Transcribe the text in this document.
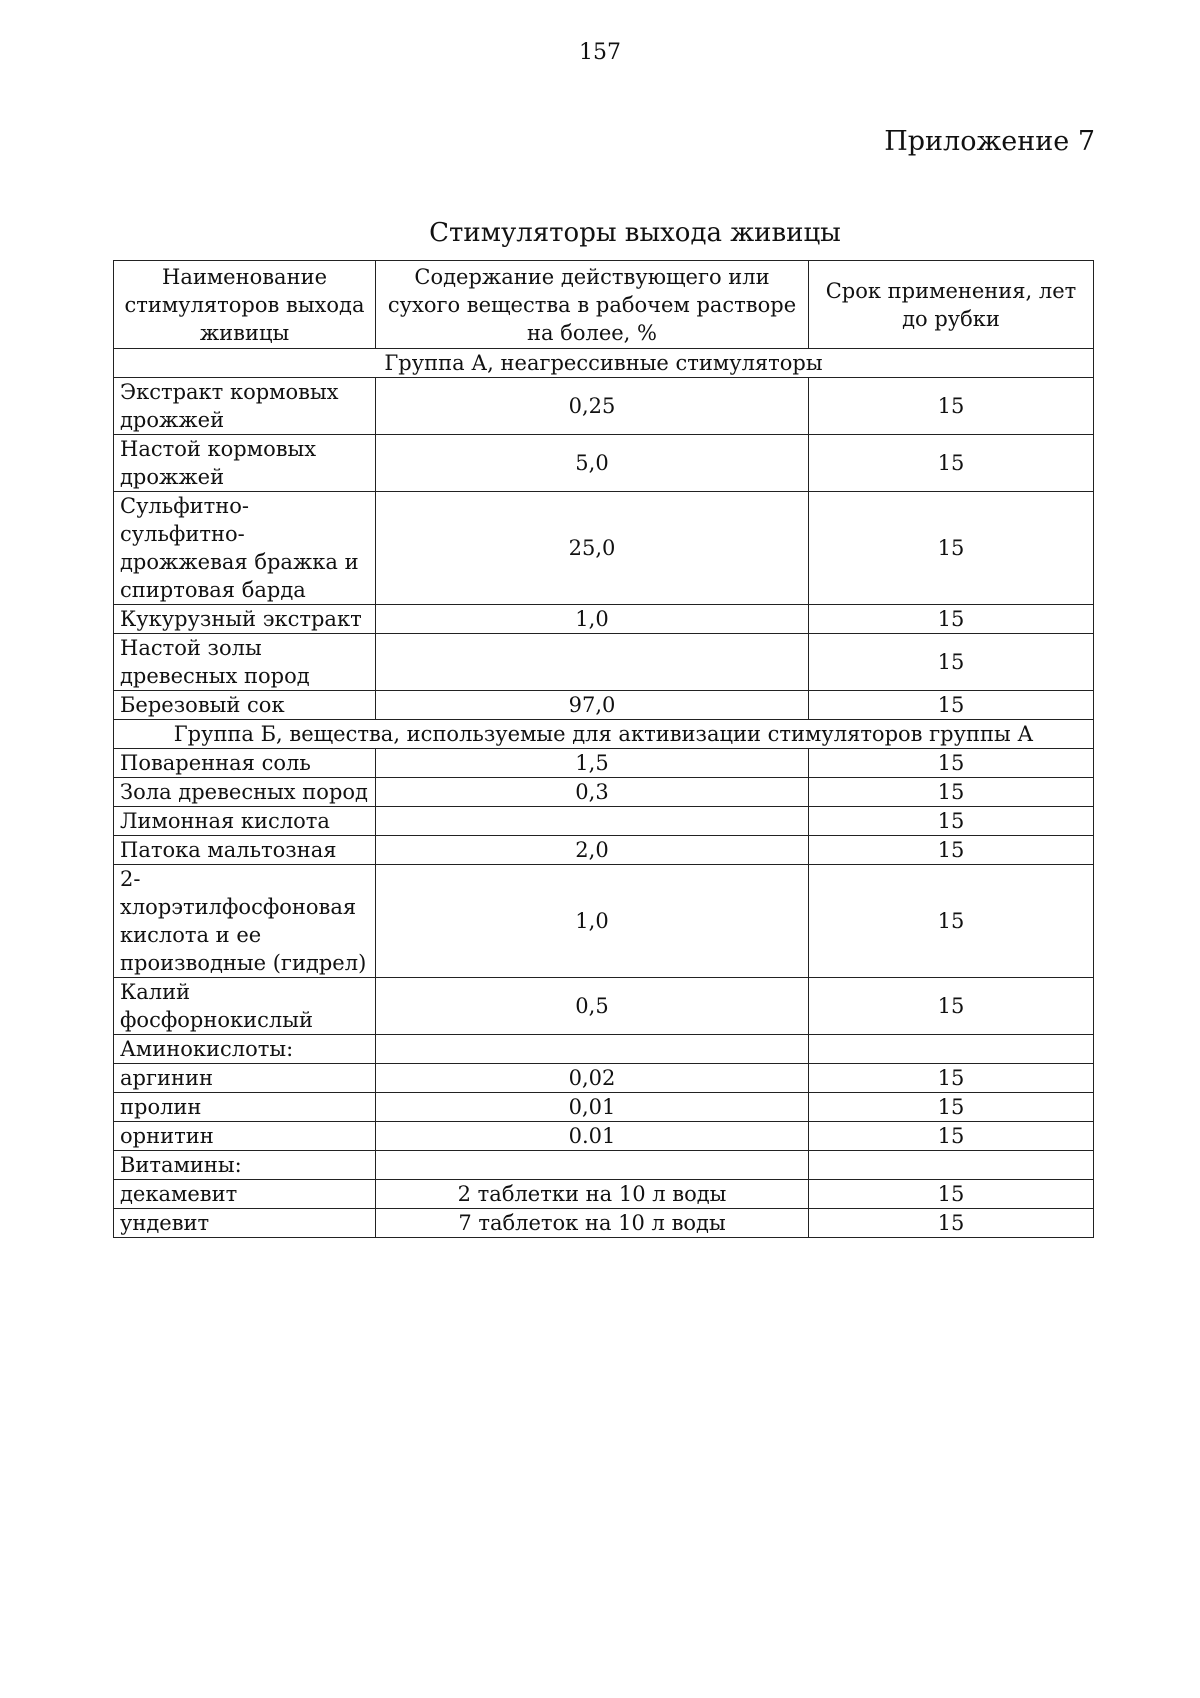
157
Приложение 7
Стимуляторы выхода живицы
Наименование стимуляторов выхода живицы	Содержание действующего или сухого вещества в рабочем растворе на более, %	Срок применения, лет до рубки
Группа А, неагрессивные стимуляторы		
Экстракт кормовых дрожжей	0,25	15
Настой кормовых дрожжей	5,0	15
Сульфитно-сульфитно-дрожжевая бражка и спиртовая барда	25,0	15
Кукурузный экстракт	1,0	15
Настой золы древесных пород		15
Березовый сок	97,0	15
Группа Б, вещества, используемые для активизации стимуляторов группы А		
Поваренная соль	1,5	15
Зола древесных пород	0,3	15
Лимонная кислота		15
Патока мальтозная	2,0	15
2-хлорэтилфосфоновая кислота и ее производные (гидрел)	1,0	15
Калий фосфорнокислый	0,5	15
Аминокислоты:		
аргинин	0,02	15
пролин	0,01	15
орнитин	0.01	15
Витамины:		
декамевит	2 таблетки на 10 л воды	15
ундевит	7 таблеток на 10 л воды	15
